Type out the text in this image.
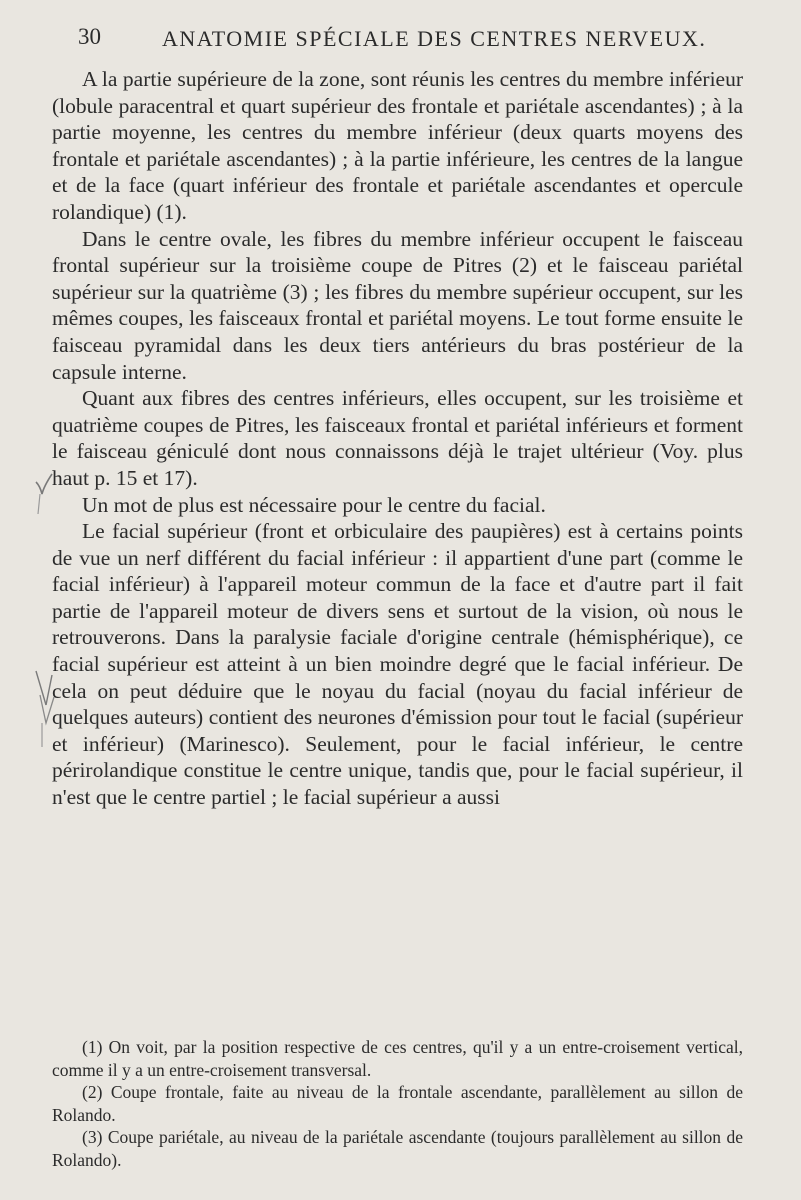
30	ANATOMIE SPÉCIALE DES CENTRES NERVEUX.

A la partie supérieure de la zone, sont réunis les centres du membre inférieur (lobule paracentral et quart supérieur des frontale et pariétale ascendantes) ; à la partie moyenne, les centres du membre inférieur (deux quarts moyens des frontale et pariétale ascendantes) ; à la partie inférieure, les centres de la langue et de la face (quart inférieur des frontale et pariétale ascendantes et opercule rolandique) (1).

Dans le centre ovale, les fibres du membre inférieur occupent le faisceau frontal supérieur sur la troisième coupe de Pitres (2) et le faisceau pariétal supérieur sur la quatrième (3) ; les fibres du membre supérieur occupent, sur les mêmes coupes, les faisceaux frontal et pariétal moyens. Le tout forme ensuite le faisceau pyramidal dans les deux tiers antérieurs du bras postérieur de la capsule interne.

Quant aux fibres des centres inférieurs, elles occupent, sur les troisième et quatrième coupes de Pitres, les faisceaux frontal et pariétal inférieurs et forment le faisceau géniculé dont nous connaissons déjà le trajet ultérieur (Voy. plus haut p. 15 et 17).

Un mot de plus est nécessaire pour le centre du facial.

Le facial supérieur (front et orbiculaire des paupières) est à certains points de vue un nerf différent du facial inférieur : il appartient d'une part (comme le facial inférieur) à l'appareil moteur commun de la face et d'autre part il fait partie de l'appareil moteur de divers sens et surtout de la vision, où nous le retrouverons. Dans la paralysie faciale d'origine centrale (hémisphérique), ce facial supérieur est atteint à un bien moindre degré que le facial inférieur. De cela on peut déduire que le noyau du facial (noyau du facial inférieur de quelques auteurs) contient des neurones d'émission pour tout le facial (supérieur et inférieur) (Marinesco). Seulement, pour le facial inférieur, le centre périrolandique constitue le centre unique, tandis que, pour le facial supérieur, il n'est que le centre partiel ; le facial supérieur a aussi

(1) On voit, par la position respective de ces centres, qu'il y a un entre-croisement vertical, comme il y a un entre-croisement transversal.

(2) Coupe frontale, faite au niveau de la frontale ascendante, parallèlement au sillon de Rolando.

(3) Coupe pariétale, au niveau de la pariétale ascendante (toujours parallèlement au sillon de Rolando).
